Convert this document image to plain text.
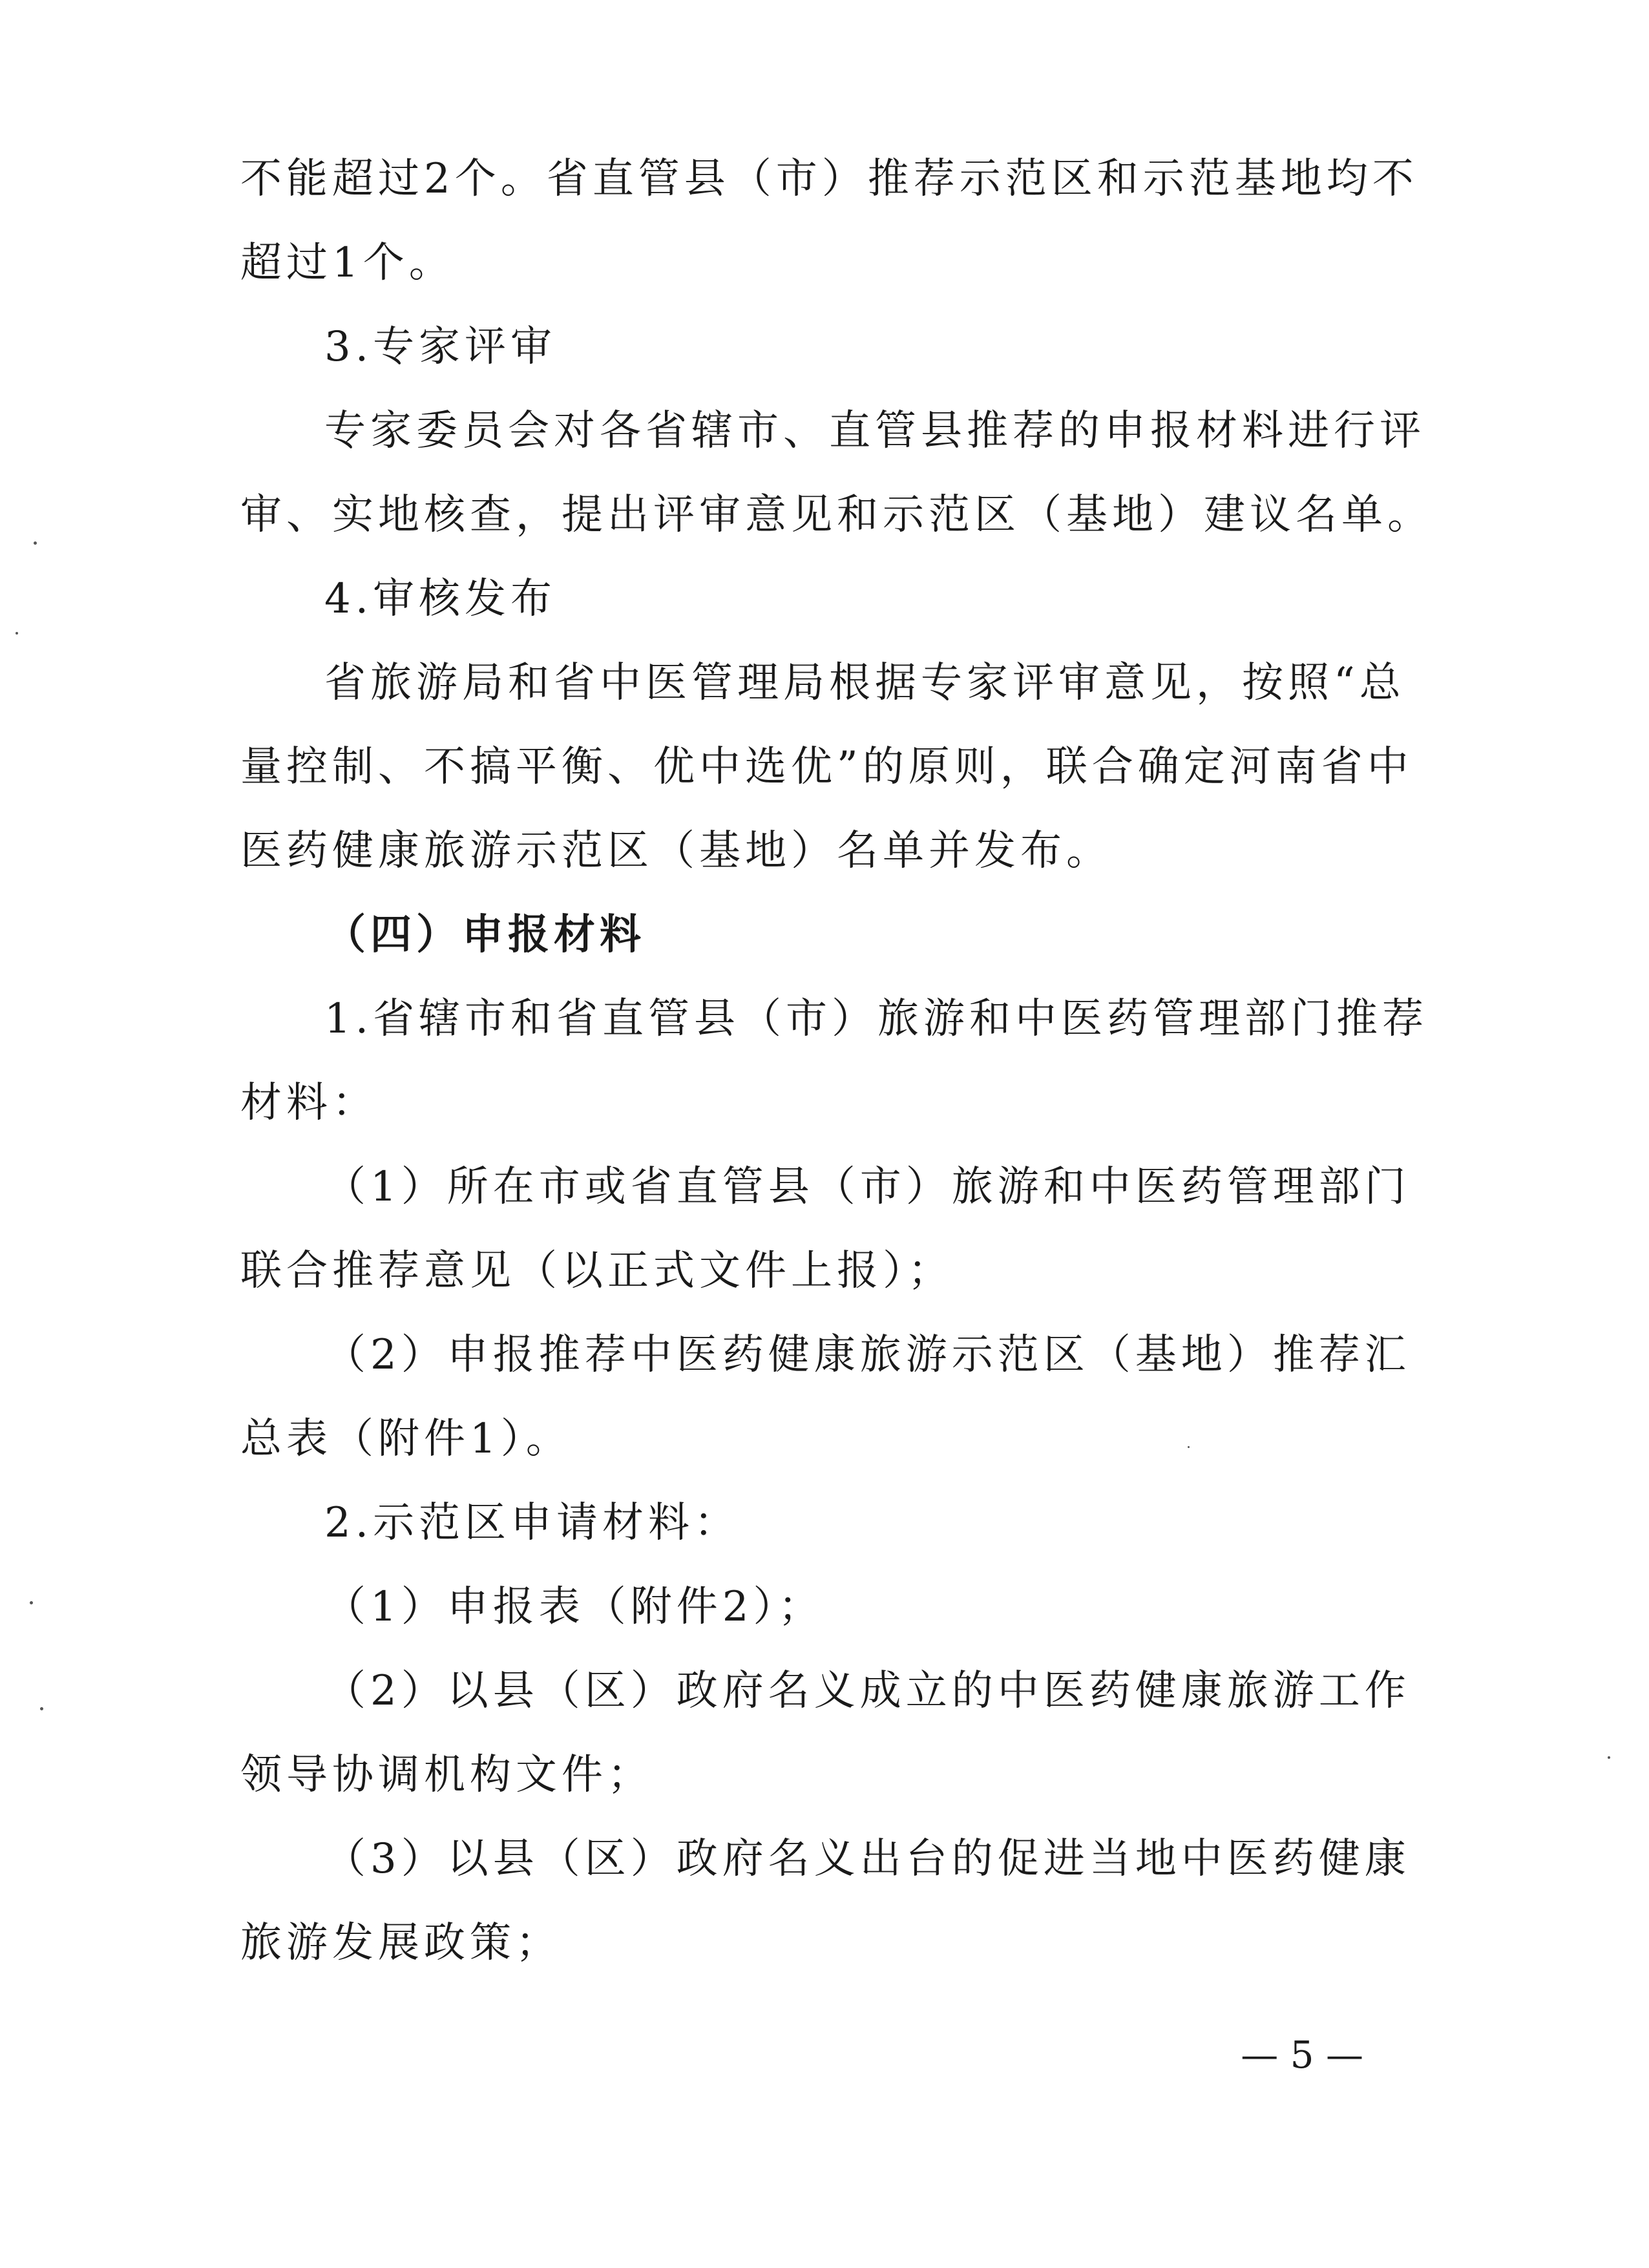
不能超过2个。省直管县（市）推荐示范区和示范基地均不
超过1个。
3.专家评审
专家委员会对各省辖市、直管县推荐的申报材料进行评
审、实地核查，提出评审意见和示范区（基地）建议名单。
4.审核发布
省旅游局和省中医管理局根据专家评审意见，按照“总
量控制、不搞平衡、优中选优”的原则，联合确定河南省中
医药健康旅游示范区（基地）名单并发布。
（四）申报材料
1.省辖市和省直管县（市）旅游和中医药管理部门推荐
材料：
（1）所在市或省直管县（市）旅游和中医药管理部门
联合推荐意见（以正式文件上报）；
（2）申报推荐中医药健康旅游示范区（基地）推荐汇
总表（附件1）。
2.示范区申请材料：
（1）申报表（附件2）；
（2）以县（区）政府名义成立的中医药健康旅游工作
领导协调机构文件；
（3）以县（区）政府名义出台的促进当地中医药健康
旅游发展政策；
— 5 —
